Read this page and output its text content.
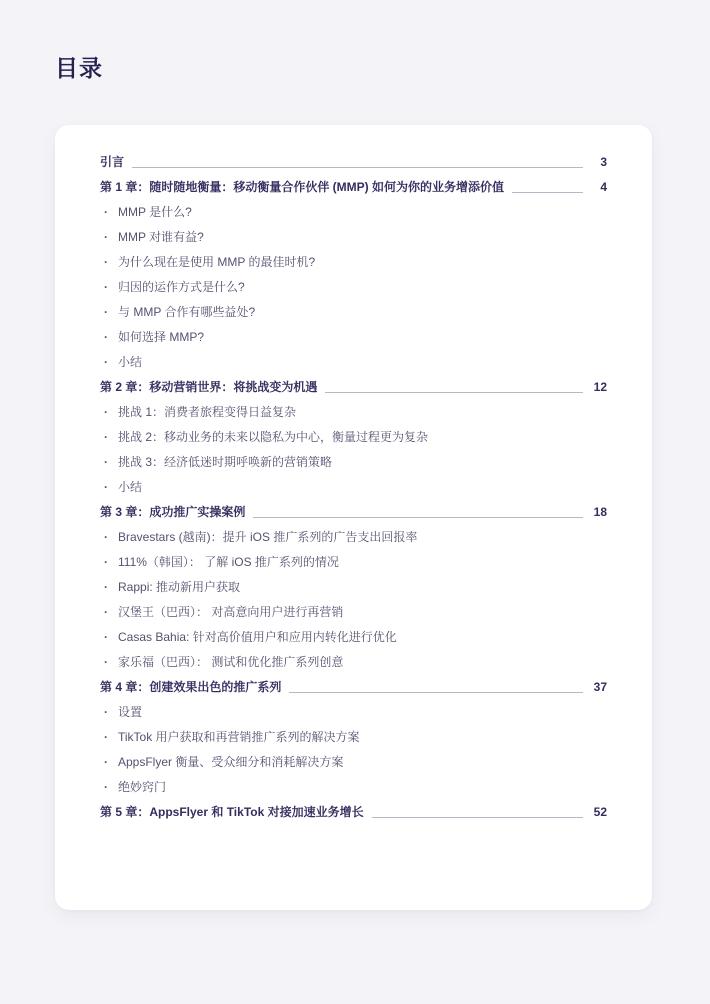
目录
引言	3
第 1 章：随时随地衡量：移动衡量合作伙伴 (MMP) 如何为你的业务增添价值	4
· MMP 是什么?
· MMP 对谁有益?
· 为什么现在是使用 MMP 的最佳时机?
· 归因的运作方式是什么?
· 与 MMP 合作有哪些益处?
· 如何选择 MMP?
· 小结
第 2 章：移动营销世界：将挑战变为机遇	12
· 挑战 1：消费者旅程变得日益复杂
· 挑战 2：移动业务的未来以隐私为中心，衡量过程更为复杂
· 挑战 3：经济低迷时期呼唤新的营销策略
· 小结
第 3 章：成功推广实操案例	18
· Bravestars (越南)：提升 iOS 推广系列的广告支出回报率
· 111%（韩国）： 了解 iOS 推广系列的情况
· Rappi: 推动新用户获取
· 汉堡王（巴西）： 对高意向用户进行再营销
· Casas Bahia: 针对高价值用户和应用内转化进行优化
· 家乐福（巴西）： 测试和优化推广系列创意
第 4 章：创建效果出色的推广系列	37
· 设置
· TikTok 用户获取和再营销推广系列的解决方案
· AppsFlyer 衡量、受众细分和消耗解决方案
· 绝妙窍门
第 5 章：AppsFlyer 和 TikTok 对接加速业务增长	52
